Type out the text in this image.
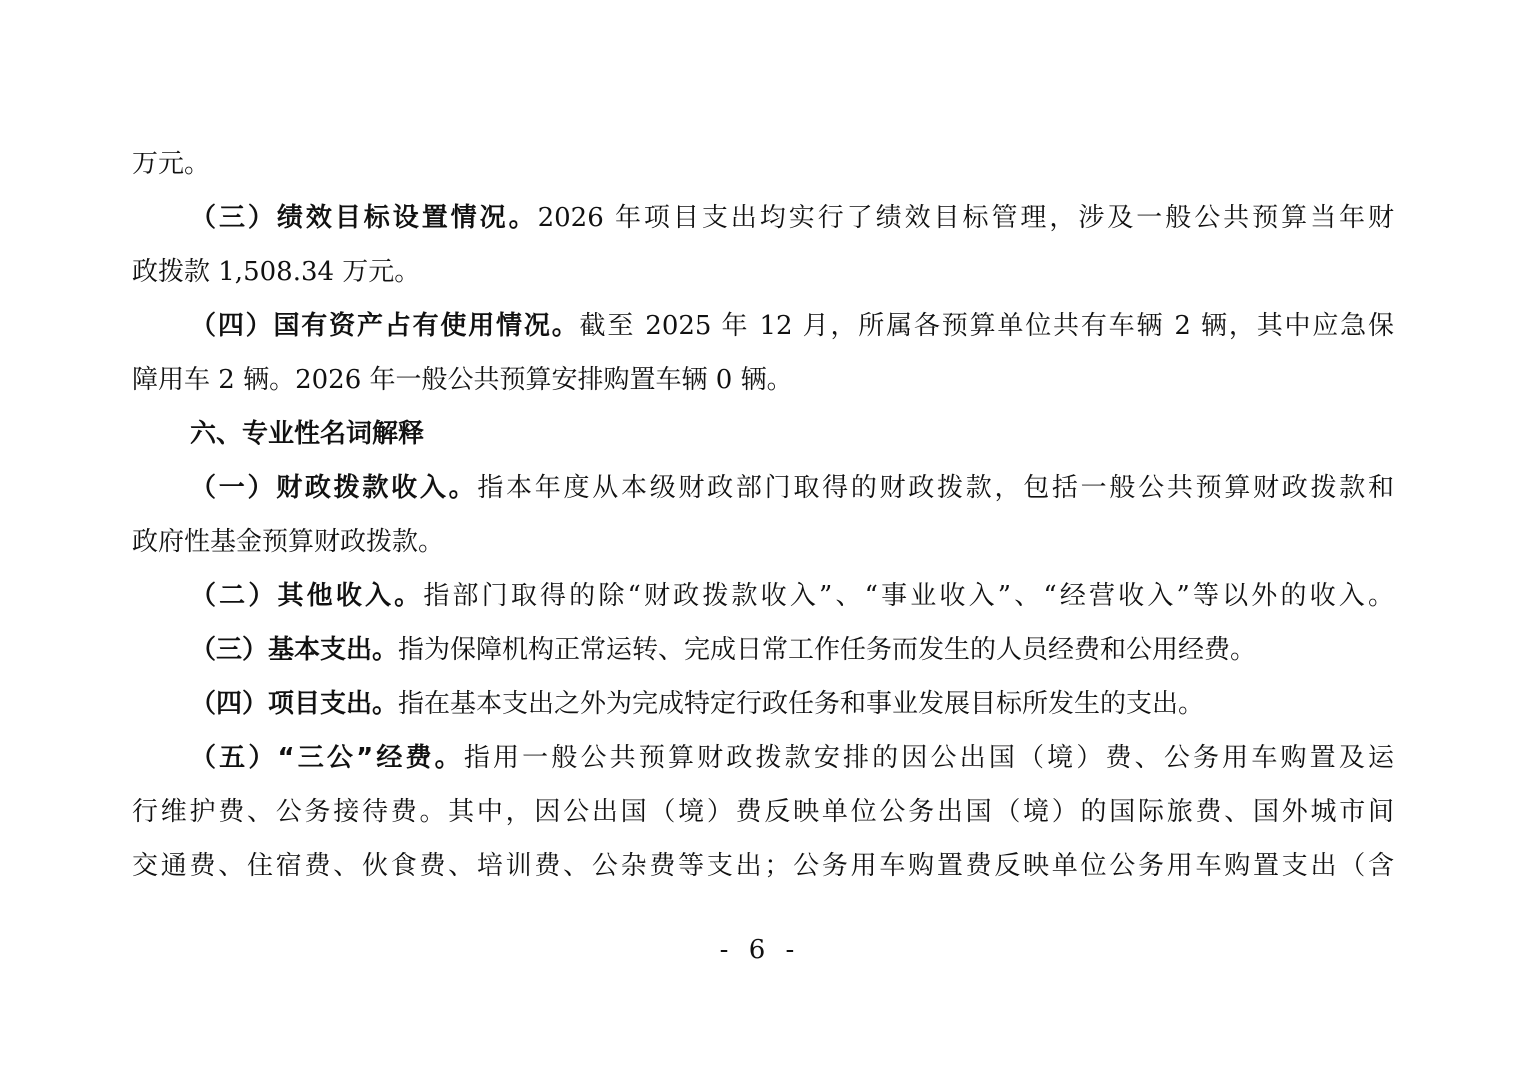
万元。
（三）绩效目标设置情况。2026 年项目支出均实行了绩效目标管理，涉及一般公共预算当年财
政拨款 1,508.34 万元。
（四）国有资产占有使用情况。截至 2025 年 12 月，所属各预算单位共有车辆 2 辆，其中应急保
障用车 2 辆。2026 年一般公共预算安排购置车辆 0 辆。
六、专业性名词解释
（一）财政拨款收入。指本年度从本级财政部门取得的财政拨款，包括一般公共预算财政拨款和
政府性基金预算财政拨款。
（二）其他收入。指部门取得的除“财政拨款收入”、“事业收入”、“经营收入”等以外的收入。
（三）基本支出。指为保障机构正常运转、完成日常工作任务而发生的人员经费和公用经费。
（四）项目支出。指在基本支出之外为完成特定行政任务和事业发展目标所发生的支出。
（五）“三公”经费。指用一般公共预算财政拨款安排的因公出国（境）费、公务用车购置及运
行维护费、公务接待费。其中，因公出国（境）费反映单位公务出国（境）的国际旅费、国外城市间
交通费、住宿费、伙食费、培训费、公杂费等支出；公务用车购置费反映单位公务用车购置支出（含
- 6 -
